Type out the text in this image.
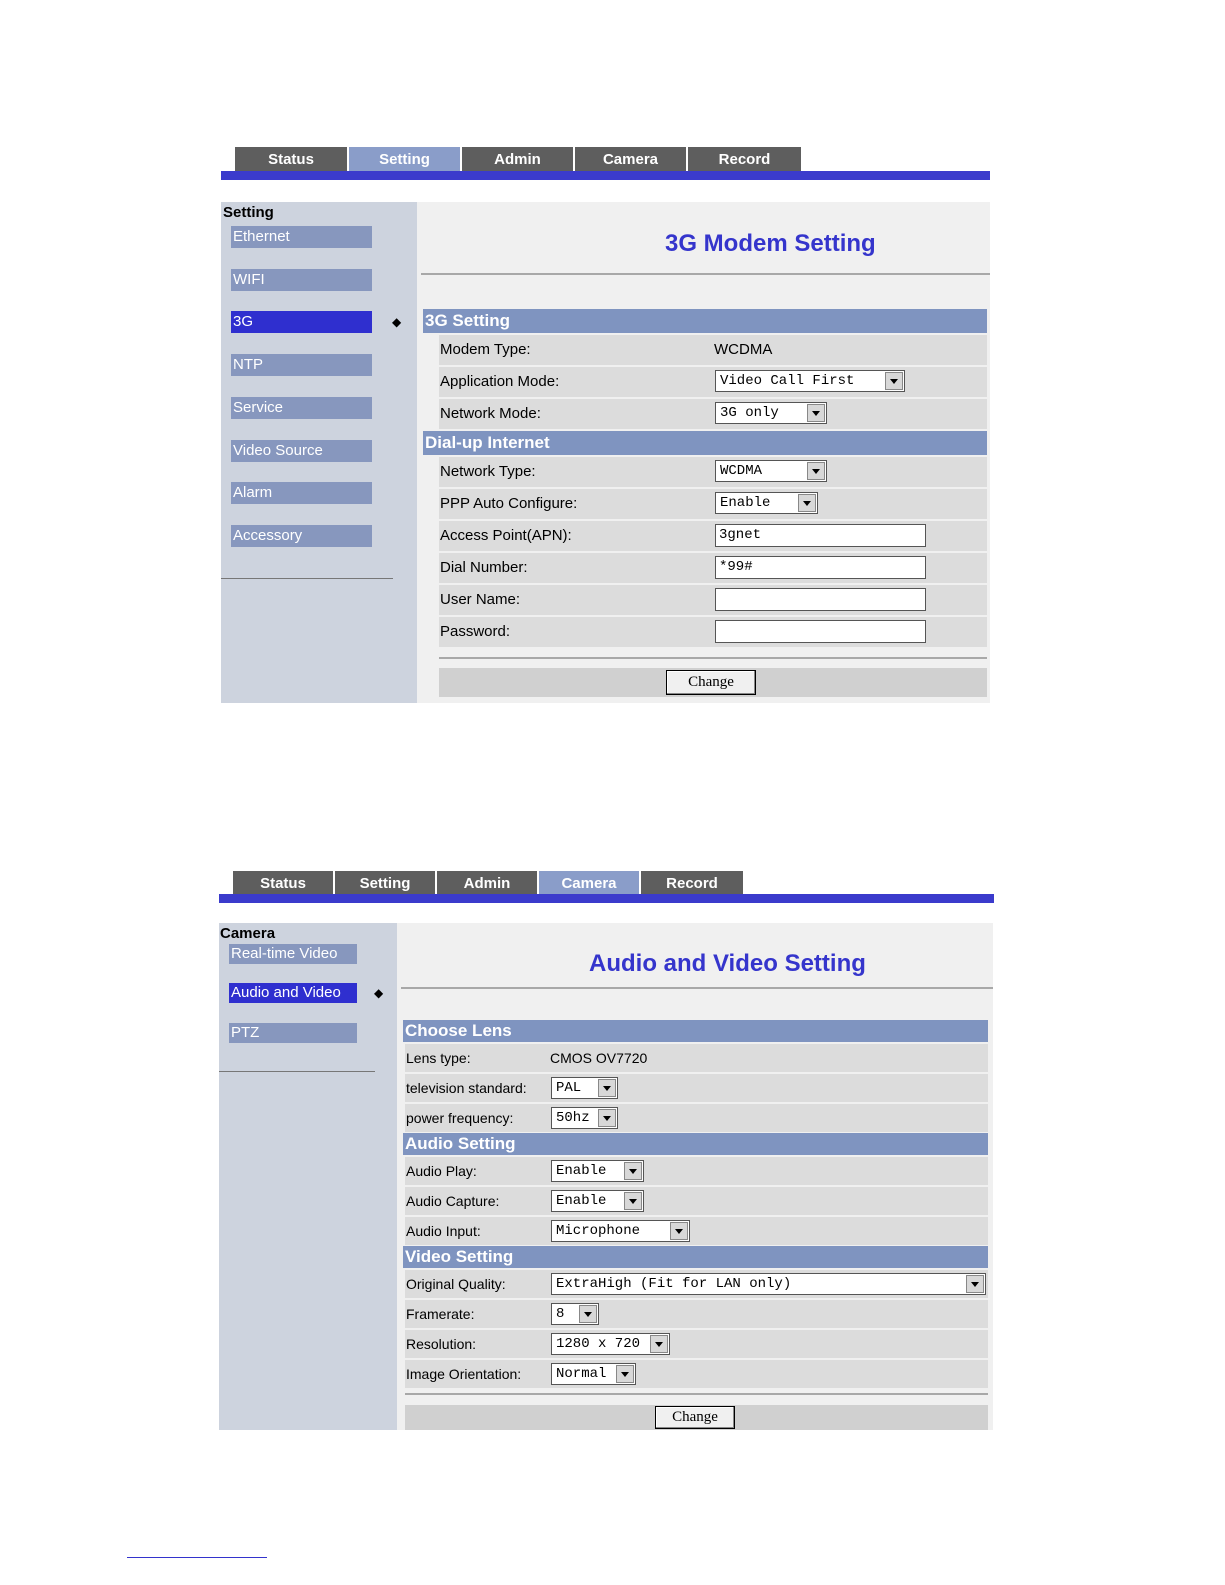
Status	Setting	Admin	Camera	Record
Setting
Ethernet
WIFI
3G	◆
NTP
Service
Video Source
Alarm
Accessory
3G Modem Setting
3G Setting
Modem Type:	WCDMA
Application Mode:	Video Call First
Network Mode:	3G only
Dial-up Internet
Network Type:	WCDMA
PPP Auto Configure:	Enable
Access Point(APN):	3gnet
Dial Number:	*99#
User Name:
Password:
Change
Status	Setting	Admin	Camera	Record
Camera
Real-time Video
Audio and Video	◆
PTZ
Audio and Video Setting
Choose Lens
Lens type:	CMOS OV7720
television standard:	PAL
power frequency:	50hz
Audio Setting
Audio Play:	Enable
Audio Capture:	Enable
Audio Input:	Microphone
Video Setting
Original Quality:	ExtraHigh (Fit for LAN only)
Framerate:	8
Resolution:	1280 x 720
Image Orientation:	Normal
Change
